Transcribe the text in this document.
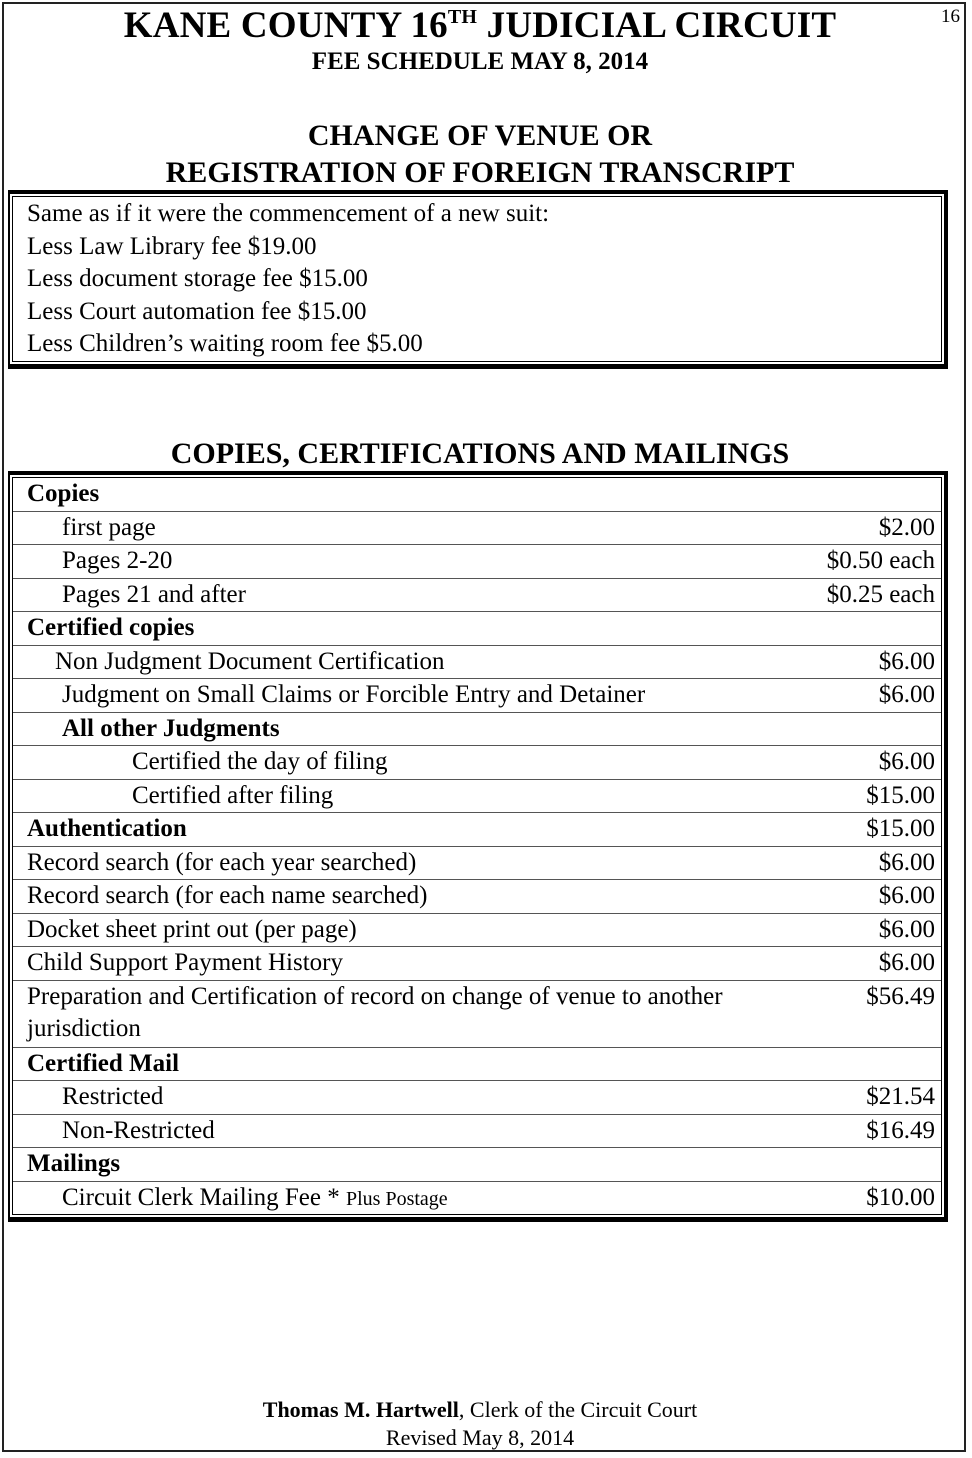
16
KANE COUNTY 16TH JUDICIAL CIRCUIT
FEE SCHEDULE MAY 8, 2014
CHANGE OF VENUE OR
REGISTRATION OF FOREIGN TRANSCRIPT
Same as if it were the commencement of a new suit:
Less Law Library fee $19.00
Less document storage fee $15.00
Less Court automation fee $15.00
Less Children’s waiting room fee $5.00
COPIES, CERTIFICATIONS AND MAILINGS
Copies
first page	$2.00
Pages 2-20	$0.50 each
Pages 21 and after	$0.25 each
Certified copies
Non Judgment Document Certification	$6.00
Judgment on Small Claims or Forcible Entry and Detainer	$6.00
All other Judgments
Certified the day of filing	$6.00
Certified after filing	$15.00
Authentication	$15.00
Record search (for each year searched)	$6.00
Record search (for each name searched)	$6.00
Docket sheet print out (per page)	$6.00
Child Support Payment History	$6.00
Preparation and Certification of record on change of venue to another jurisdiction
$56.49
Certified Mail
Restricted	$21.54
Non-Restricted	$16.49
Mailings
Circuit Clerk Mailing Fee * Plus Postage	$10.00
Thomas M. Hartwell, Clerk of the Circuit Court
Revised May 8, 2014
